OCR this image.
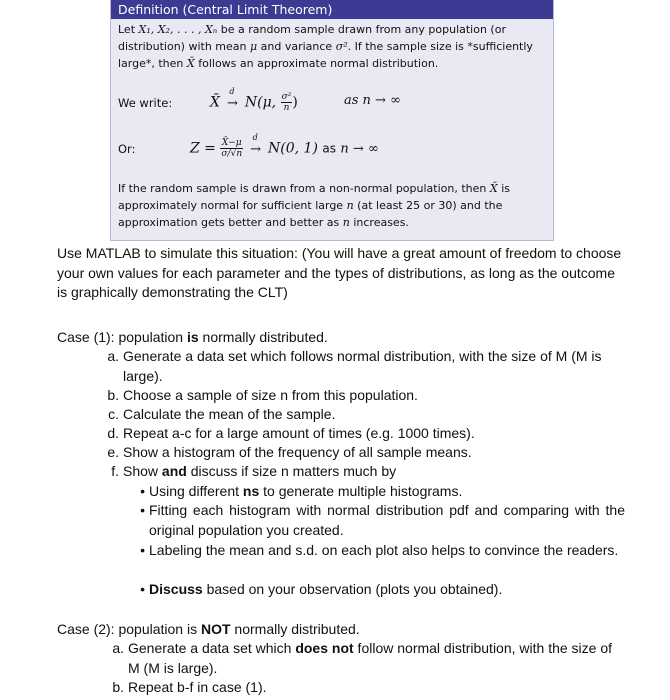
Definition (Central Limit Theorem)
Let X₁, X₂, . . . , Xₙ be a random sample drawn from any population (or distribution) with mean μ and variance σ². If the sample size is *sufficiently large*, then X̄ follows an approximate normal distribution.
We write:	X̄ →
d
N(μ, $\frac{\text{σ²}}{n}$ )	as n → ∞
Or:	$Z = \frac{X̄-\mu}{\sigma/√n}$ →
d
N(0, 1) as n → ∞
If the random sample is drawn from a non-normal population, then X̄ is approximately normal for sufficient large n (at least 25 or 30) and the approximation gets better and better as n increases.
Use MATLAB to simulate this situation: (You will have a great amount of freedom to choose your own values for each parameter and the types of distributions, as long as the outcome is graphically demonstrating the CLT)
Case (1): population is normally distributed.
a. Generate a data set which follows normal distribution, with the size of M (M is large).
b. Choose a sample of size n from this population.
c. Calculate the mean of the sample.
d. Repeat a-c for a large amount of times (e.g. 1000 times).
e. Show a histogram of the frequency of all sample means.
f. Show and discuss if size n matters much by
• Using different ns to generate multiple histograms.
• Fitting each histogram with normal distribution pdf and comparing with the original population you created.
• Labeling the mean and s.d. on each plot also helps to convince the readers.
• Discuss based on your observation (plots you obtained).
Case (2): population is NOT normally distributed.
a. Generate a data set which does not follow normal distribution, with the size of M (M is large).
b. Repeat b-f in case (1).
